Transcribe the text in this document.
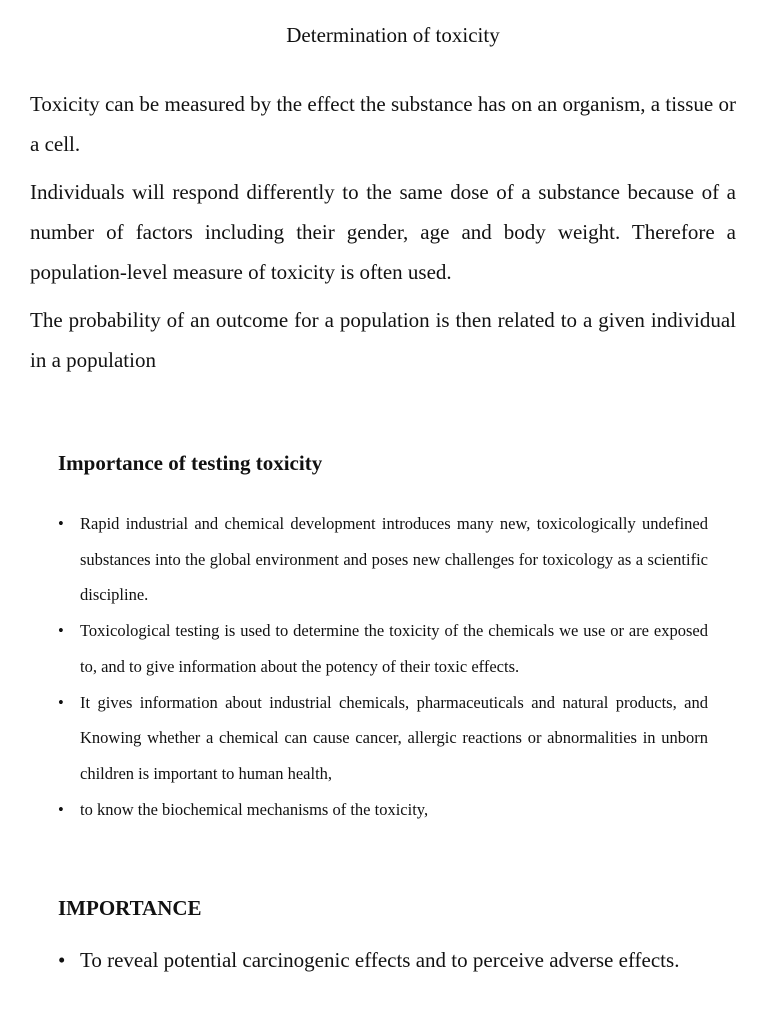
Determination of toxicity

Toxicity can be measured by the effect the substance has on an organism, a tissue or a cell.

Individuals will respond differently to the same dose of a substance because of a number of factors including their gender, age and body weight. Therefore a population-level measure of toxicity is often used.

The probability of an outcome for a population is then related to a given individual in a population

Importance of testing toxicity
• Rapid industrial and chemical development introduces many new, toxicologically undefined substances into the global environment and poses new challenges for toxicology as a scientific discipline.
• Toxicological testing is used to determine the toxicity of the chemicals we use or are exposed to, and to give information about the potency of their toxic effects.
• It gives information about industrial chemicals, pharmaceuticals and natural products, and Knowing whether a chemical can cause cancer, allergic reactions or abnormalities in unborn children is important to human health,
• to know the biochemical mechanisms of the toxicity,
IMPORTANCE
• To reveal potential carcinogenic effects and to perceive adverse effects.
